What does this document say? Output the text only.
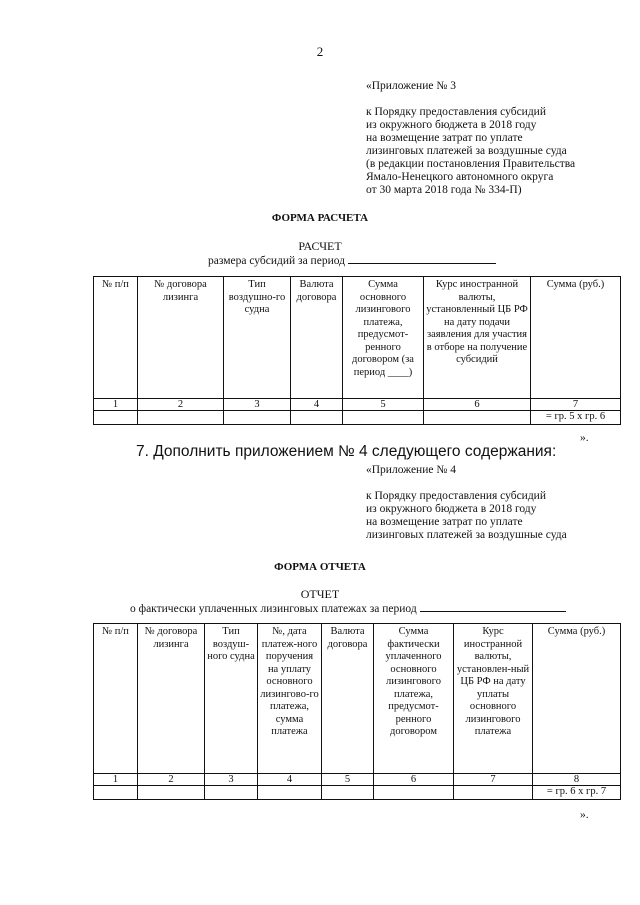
2
«Приложение № 3
к Порядку предоставления субсидий
из окружного бюджета в 2018 году
на возмещение затрат по уплате
лизинговых платежей за воздушные суда
(в редакции постановления Правительства
Ямало-Ненецкого автономного округа
от 30 марта 2018 года № 334-П)
ФОРМА РАСЧЕТА
РАСЧЕТ
размера субсидий за период
№ п/п	№ договора лизинга	Тип воздушно-го судна	Валюта договора	Сумма основного лизингового платежа, предусмот-ренного договором (за период ____)	Курс иностранной валюты, установленный ЦБ РФ на дату подачи заявления для участия в отборе на получение субсидий	Сумма (руб.)
1	2	3	4	5	6	7
						= гр. 5 х гр. 6
».
7. Дополнить приложением № 4 следующего содержания:
«Приложение № 4
к Порядку предоставления субсидий
из окружного бюджета в 2018 году
на возмещение затрат по уплате
лизинговых платежей за воздушные суда
ФОРМА ОТЧЕТА
ОТЧЕТ
о фактически уплаченных лизинговых платежах за период
№ п/п	№ договора лизинга	Тип воздуш-ного судна	№, дата платеж-ного поручения на уплату основного лизингово-го платежа, сумма платежа	Валюта договора	Сумма фактически уплаченного основного лизингового платежа, предусмот-ренного договором	Курс иностранной валюты, установлен-ный ЦБ РФ на дату уплаты основного лизингового платежа	Сумма (руб.)
1	2	3	4	5	6	7	8
							= гр. 6 х гр. 7
».
